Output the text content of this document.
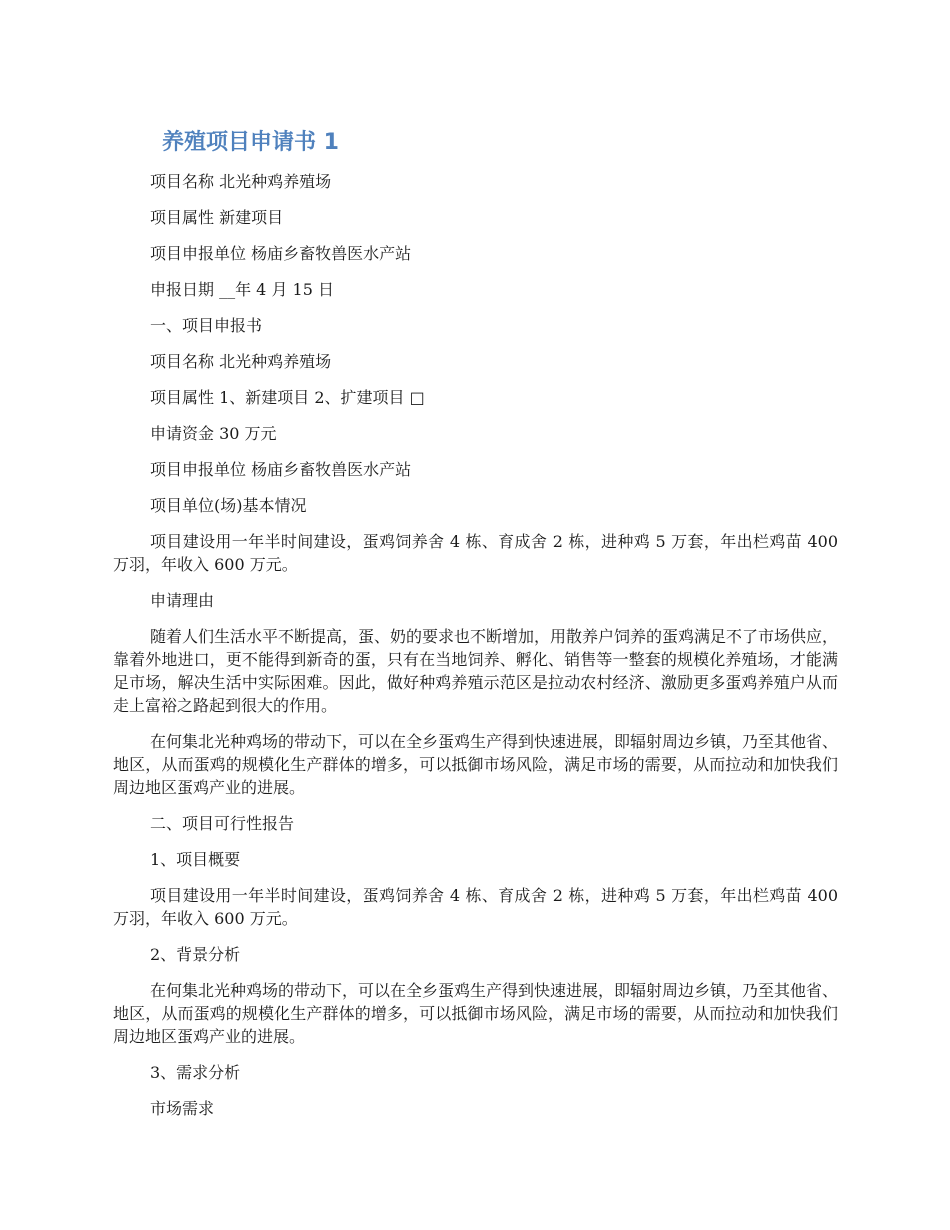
养殖项目申请书 1

项目名称 北光种鸡养殖场

项目属性 新建项目

项目申报单位 杨庙乡畜牧兽医水产站

申报日期 __年 4 月 15 日

一、项目申报书

项目名称 北光种鸡养殖场

项目属性 1、新建项目 2、扩建项目 □

申请资金 30 万元

项目申报单位 杨庙乡畜牧兽医水产站

项目单位(场)基本情况

项目建设用一年半时间建设，蛋鸡饲养舍 4 栋、育成舍 2 栋，进种鸡 5 万套，年出栏鸡苗 400 万羽，年收入 600 万元。

申请理由

随着人们生活水平不断提高，蛋、奶的要求也不断增加，用散养户饲养的蛋鸡满足不了市场供应，靠着外地进口，更不能得到新奇的蛋，只有在当地饲养、孵化、销售等一整套的规模化养殖场，才能满足市场，解决生活中实际困难。因此，做好种鸡养殖示范区是拉动农村经济、激励更多蛋鸡养殖户从而走上富裕之路起到很大的作用。

在何集北光种鸡场的带动下，可以在全乡蛋鸡生产得到快速进展，即辐射周边乡镇，乃至其他省、地区，从而蛋鸡的规模化生产群体的增多，可以抵御市场风险，满足市场的需要，从而拉动和加快我们周边地区蛋鸡产业的进展。

二、项目可行性报告

1、项目概要

项目建设用一年半时间建设，蛋鸡饲养舍 4 栋、育成舍 2 栋，进种鸡 5 万套，年出栏鸡苗 400 万羽，年收入 600 万元。

2、背景分析

在何集北光种鸡场的带动下，可以在全乡蛋鸡生产得到快速进展，即辐射周边乡镇，乃至其他省、地区，从而蛋鸡的规模化生产群体的增多，可以抵御市场风险，满足市场的需要，从而拉动和加快我们周边地区蛋鸡产业的进展。

3、需求分析

市场需求
